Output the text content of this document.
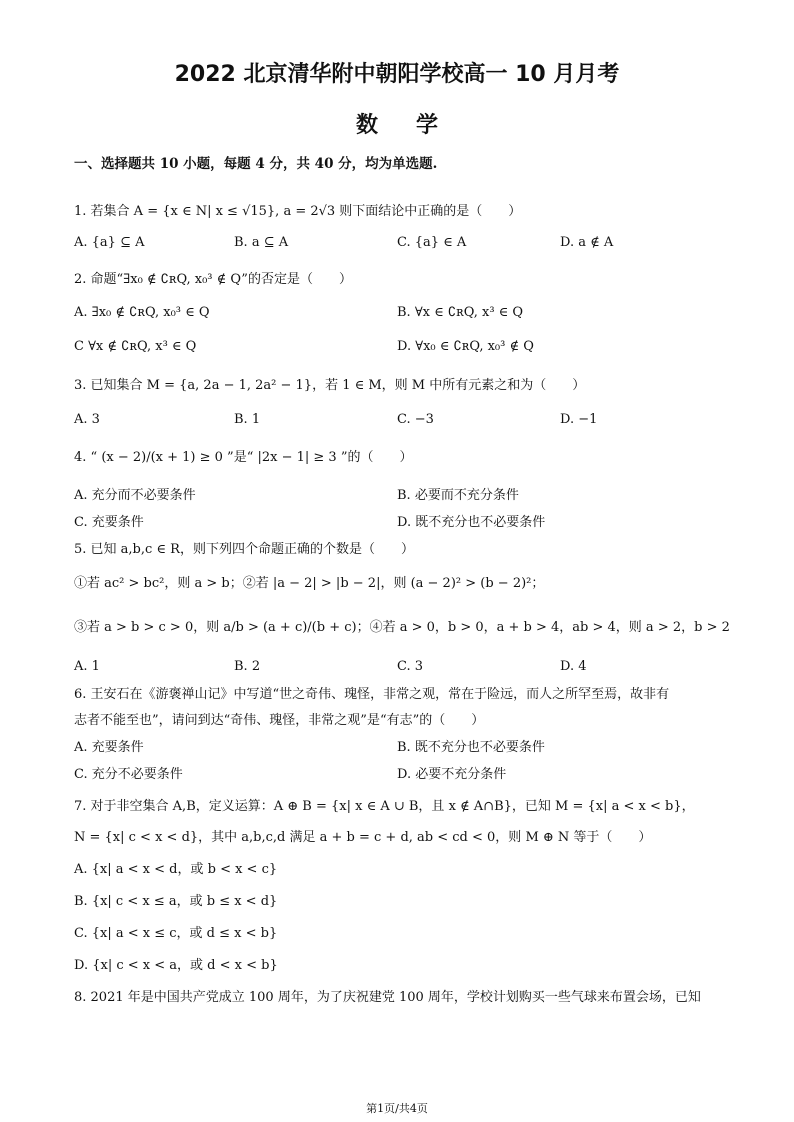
2022 北京清华附中朝阳学校高一 10 月月考
数学
一、选择题共 10 小题，每题 4 分，共 40 分，均为单选题.
1. 若集合 A = {x ∈ N| x ≤ √15}, a = 2√3 则下面结论中正确的是（　　）
A. {a} ⊆ A	B. a ⊆ A	C. {a} ∈ A	D. a ∉ A
2. 命题“∃x₀ ∉ ∁ʀQ, x₀³ ∉ Q”的否定是（　　）
A. ∃x₀ ∉ ∁ʀQ, x₀³ ∈ Q	B. ∀x ∈ ∁ʀQ, x³ ∈ Q
C ∀x ∉ ∁ʀQ, x³ ∈ Q	D. ∀x₀ ∈ ∁ʀQ, x₀³ ∉ Q
3. 已知集合 M = {a, 2a − 1, 2a² − 1}，若 1 ∈ M，则 M 中所有元素之和为（　　）
A. 3	B. 1	C. −3	D. −1
4. “ (x − 2)/(x + 1) ≥ 0 ”是“ |2x − 1| ≥ 3 ”的（　　）
A. 充分而不必要条件	B. 必要而不充分条件
C. 充要条件	D. 既不充分也不必要条件
5. 已知 a,b,c ∈ R，则下列四个命题正确的个数是（　　）
①若 ac² > bc²，则 a > b；②若 |a − 2| > |b − 2|，则 (a − 2)² > (b − 2)²；
③若 a > b > c > 0，则 a/b > (a + c)/(b + c)；④若 a > 0，b > 0，a + b > 4，ab > 4，则 a > 2，b > 2
A. 1	B. 2	C. 3	D. 4
6. 王安石在《游褒禅山记》中写道“世之奇伟、瑰怪，非常之观，常在于险远，而人之所罕至焉，故非有
志者不能至也”，请问到达“奇伟、瑰怪，非常之观”是“有志”的（　　）
A. 充要条件	B. 既不充分也不必要条件
C. 充分不必要条件	D. 必要不充分条件
7. 对于非空集合 A,B，定义运算：A ⊕ B = {x| x ∈ A ∪ B，且 x ∉ A∩B}，已知 M = {x| a < x < b}，
N = {x| c < x < d}，其中 a,b,c,d 满足 a + b = c + d, ab < cd < 0，则 M ⊕ N 等于（　　）
A. {x| a < x < d，或 b < x < c}
B. {x| c < x ≤ a，或 b ≤ x < d}
C. {x| a < x ≤ c，或 d ≤ x < b}
D. {x| c < x < a，或 d < x < b}
8. 2021 年是中国共产党成立 100 周年，为了庆祝建党 100 周年，学校计划购买一些气球来布置会场，已知
第1页/共4页
